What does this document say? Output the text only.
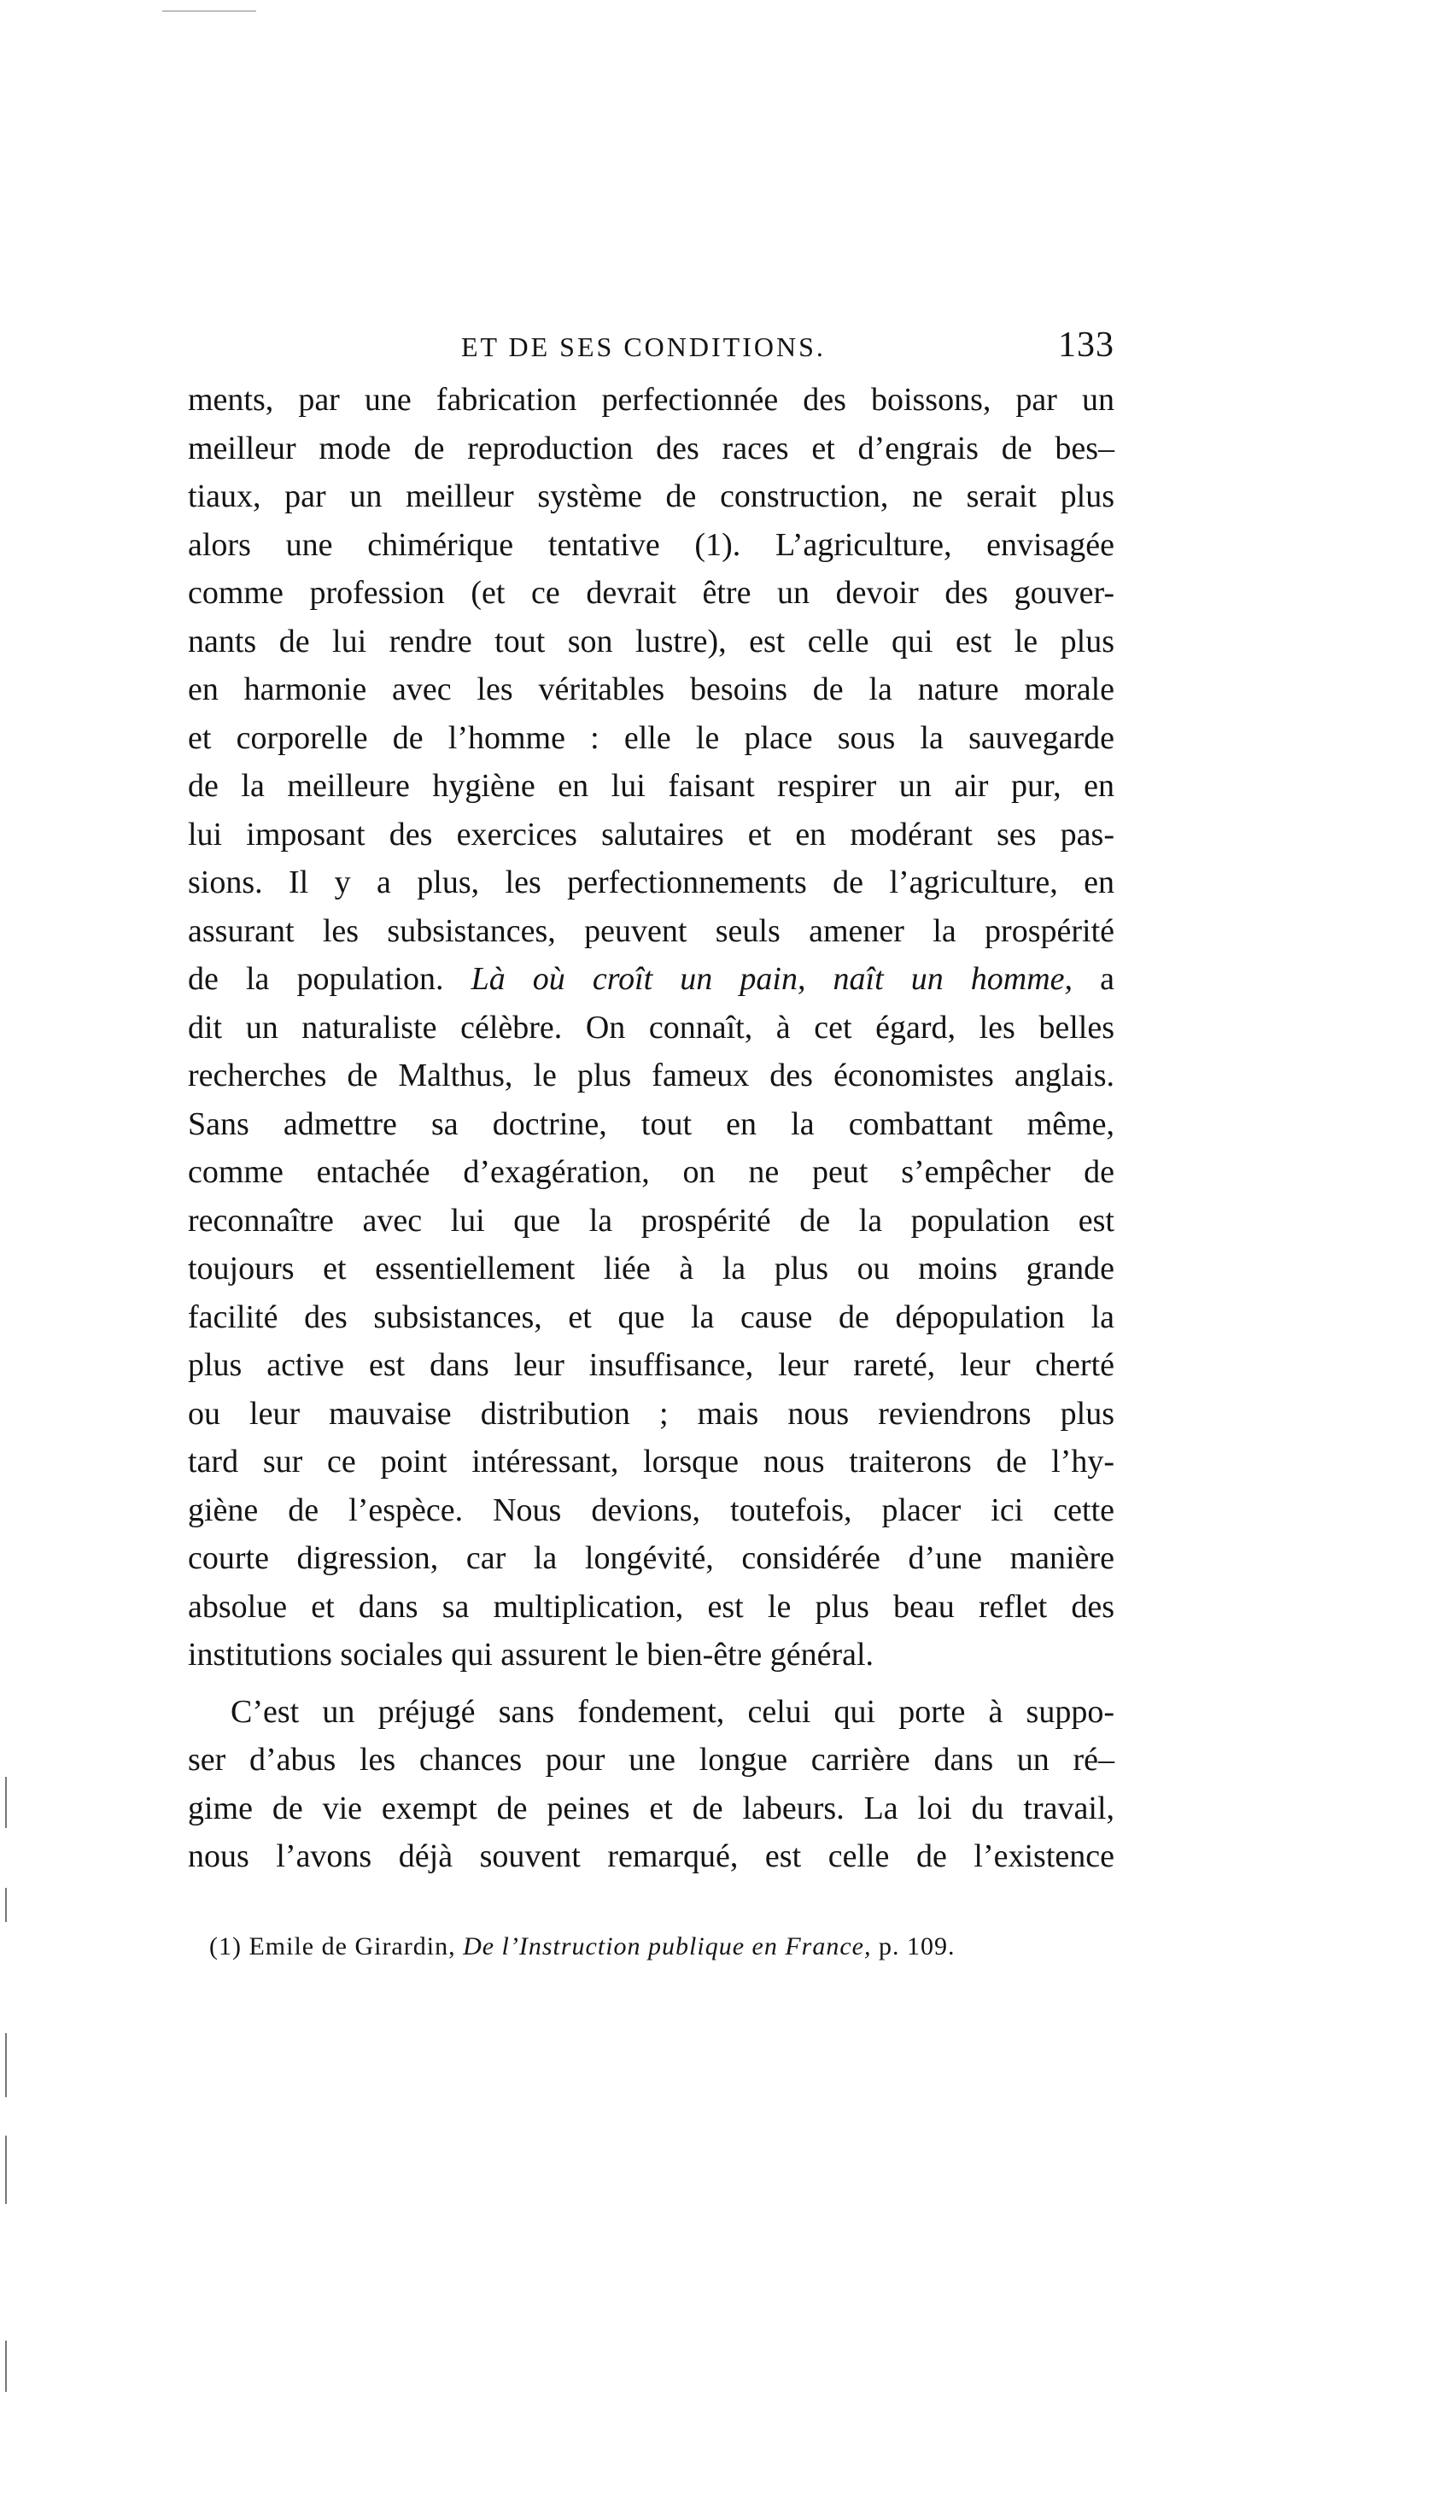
ET DE SES CONDITIONS.	133

ments, par une fabrication perfectionnée des boissons, par un
meilleur mode de reproduction des races et d’engrais de bes–
tiaux, par un meilleur système de construction, ne serait plus
alors une chimérique tentative (1). L’agriculture, envisagée
comme profession (et ce devrait être un devoir des gouver-
nants de lui rendre tout son lustre), est celle qui est le plus
en harmonie avec les véritables besoins de la nature morale
et corporelle de l’homme : elle le place sous la sauvegarde
de la meilleure hygiène en lui faisant respirer un air pur, en
lui imposant des exercices salutaires et en modérant ses pas-
sions. Il y a plus, les perfectionnements de l’agriculture, en
assurant les subsistances, peuvent seuls amener la prospérité
de la population. Là où croît un pain, naît un homme, a
dit un naturaliste célèbre. On connaît, à cet égard, les belles
recherches de Malthus, le plus fameux des économistes anglais.
Sans admettre sa doctrine, tout en la combattant même,
comme entachée d’exagération, on ne peut s’empêcher de
reconnaître avec lui que la prospérité de la population est
toujours et essentiellement liée à la plus ou moins grande
facilité des subsistances, et que la cause de dépopulation la
plus active est dans leur insuffisance, leur rareté, leur cherté
ou leur mauvaise distribution ; mais nous reviendrons plus
tard sur ce point intéressant, lorsque nous traiterons de l’hy-
giène de l’espèce. Nous devions, toutefois, placer ici cette
courte digression, car la longévité, considérée d’une manière
absolue et dans sa multiplication, est le plus beau reflet des
institutions sociales qui assurent le bien-être général.

C’est un préjugé sans fondement, celui qui porte à suppo-
ser d’abus les chances pour une longue carrière dans un ré–
gime de vie exempt de peines et de labeurs. La loi du travail,
nous l’avons déjà souvent remarqué, est celle de l’existence

(1) Emile de Girardin, De l’Instruction publique en France, p. 109.
